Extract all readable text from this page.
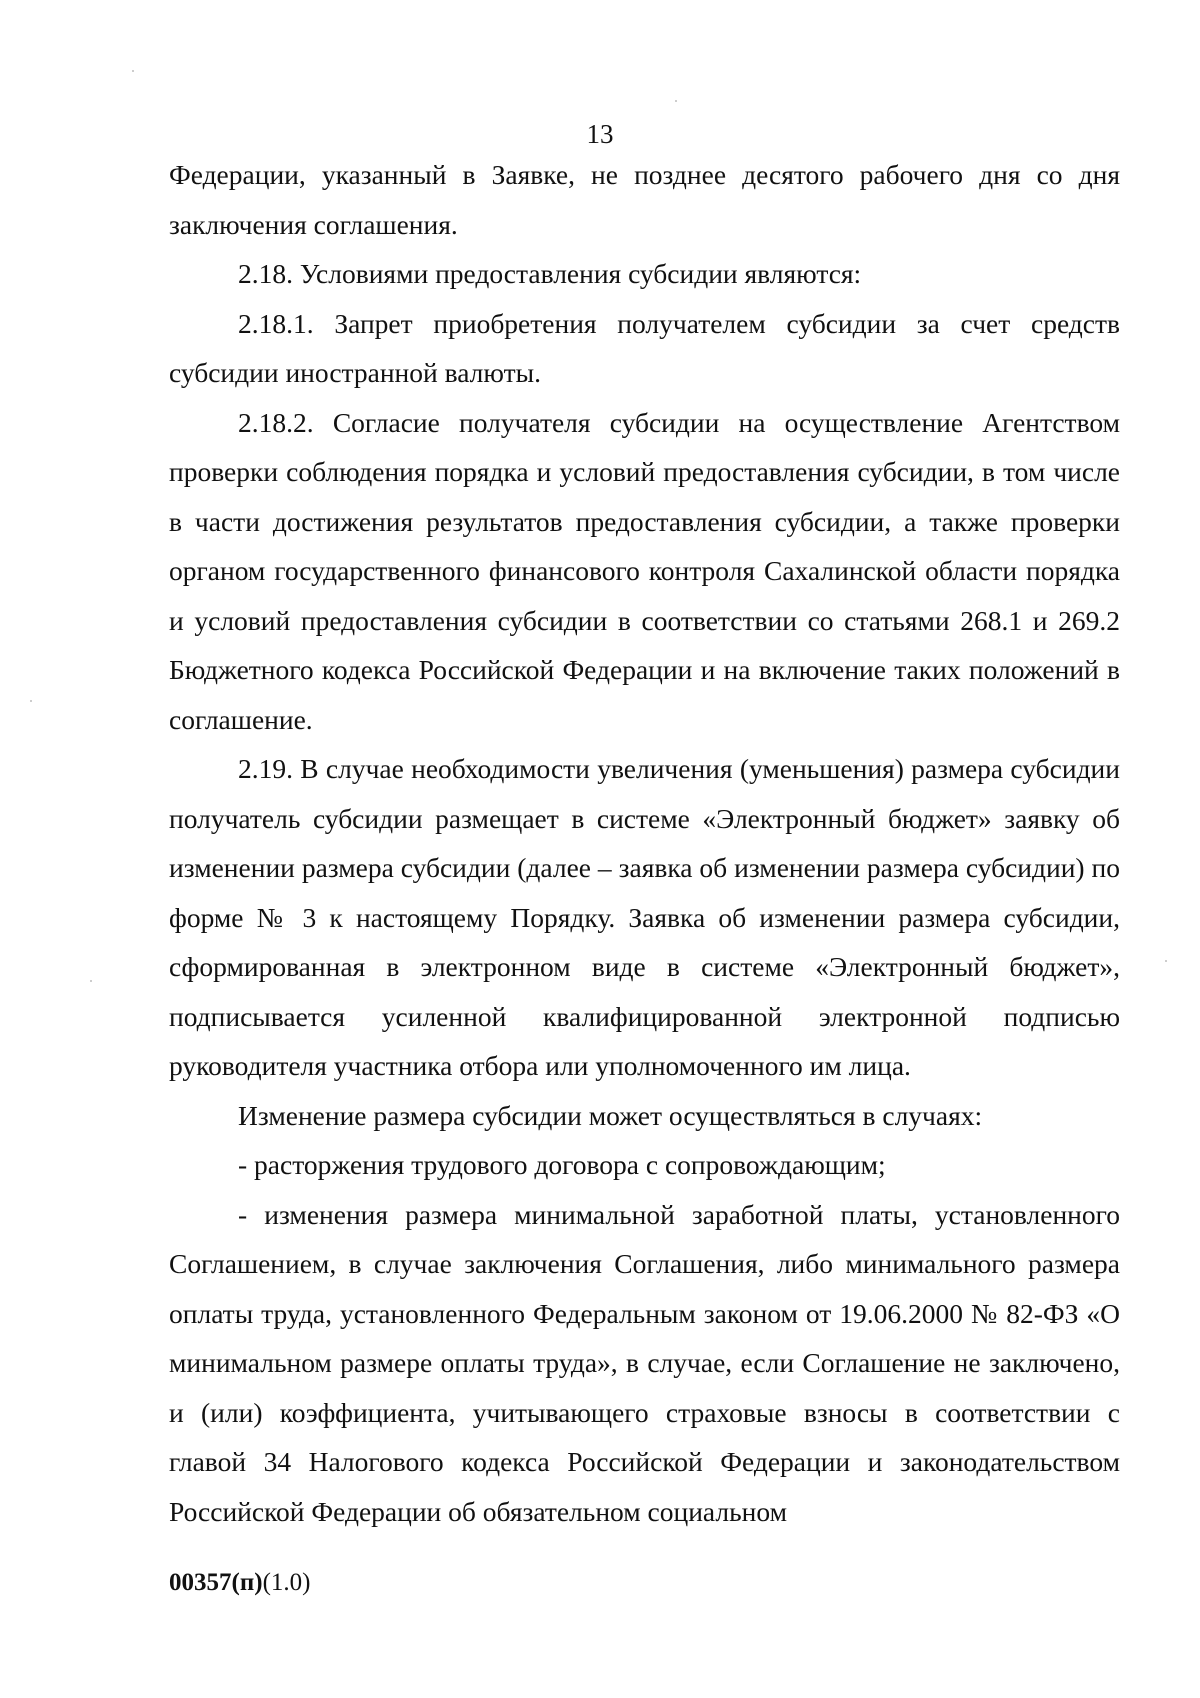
13

Федерации, указанный в Заявке, не позднее десятого рабочего дня со дня заключения соглашения.

2.18. Условиями предоставления субсидии являются:

2.18.1. Запрет приобретения получателем субсидии за счет средств субсидии иностранной валюты.

2.18.2. Согласие получателя субсидии на осуществление Агентством проверки соблюдения порядка и условий предоставления субсидии, в том числе в части достижения результатов предоставления субсидии, а также проверки органом государственного финансового контроля Сахалинской области порядка и условий предоставления субсидии в соответствии со статьями 268.1 и 269.2 Бюджетного кодекса Российской Федерации и на включение таких положений в соглашение.

2.19. В случае необходимости увеличения (уменьшения) размера субсидии получатель субсидии размещает в системе «Электронный бюджет» заявку об изменении размера субсидии (далее – заявка об изменении размера субсидии) по форме № 3 к настоящему Порядку. Заявка об изменении размера субсидии, сформированная в электронном виде в системе «Электронный бюджет», подписывается усиленной квалифицированной электронной подписью руководителя участника отбора или уполномоченного им лица.

Изменение размера субсидии может осуществляться в случаях:

- расторжения трудового договора с сопровождающим;

- изменения размера минимальной заработной платы, установленного Соглашением, в случае заключения Соглашения, либо минимального размера оплаты труда, установленного Федеральным законом от 19.06.2000 № 82-ФЗ «О минимальном размере оплаты труда», в случае, если Соглашение не заключено, и (или) коэффициента, учитывающего страховые взносы в соответствии с главой 34 Налогового кодекса Российской Федерации и законодательством Российской Федерации об обязательном социальном

00357(п)(1.0)
